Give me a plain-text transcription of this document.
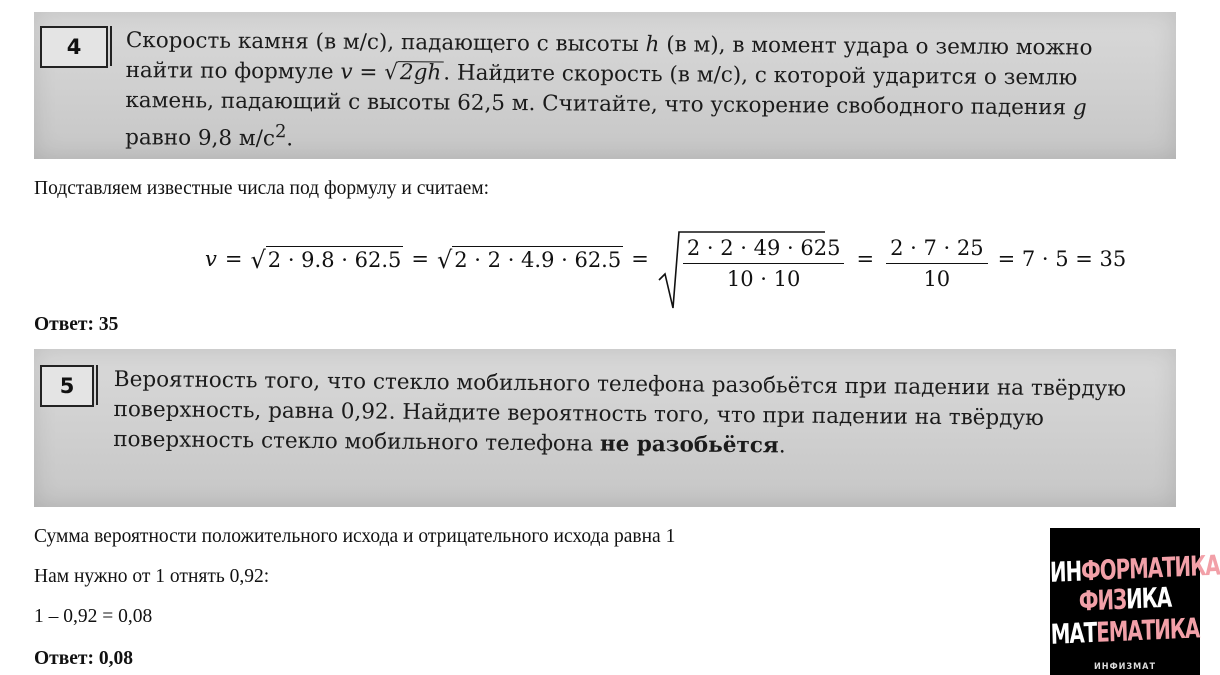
4 Скорость камня (в м/с), падающего с высоты h (в м), в момент удара о землю можно
найти по формуле v = √2gh. Найдите скорость (в м/с), с которой ударится о землю
камень, падающий с высоты 62,5 м. Считайте, что ускорение свободного падения g
равно 9,8 $м/с^2$.
Подставляем известные числа под формулу и считаем:
v = √ 2 · 9.8 · 62.5 = √ 2 · 2 · 4.9 · 62.5 =	$\frac{2 \cdot 2 \cdot 49 \cdot 625}{10 \cdot 10} = \frac{2 \cdot 7 \cdot 25}{10} = 7 \cdot 5 = 35$
Ответ: 35
5 Вероятность того, что стекло мобильного телефона разобьётся при падении на твёрдую
поверхность, равна 0,92. Найдите вероятность того, что при падении на твёрдую
поверхность стекло мобильного телефона не разобьётся.
Сумма вероятности положительного исхода и отрицательного исхода равна 1
Нам нужно от 1 отнять 0,92:
1 – 0,92 = 0,08
Ответ: 0,08
ИНФОРМАТИКА
ФИЗИКА
МАТЕМАТИКА
ИНФИЗМАТ
